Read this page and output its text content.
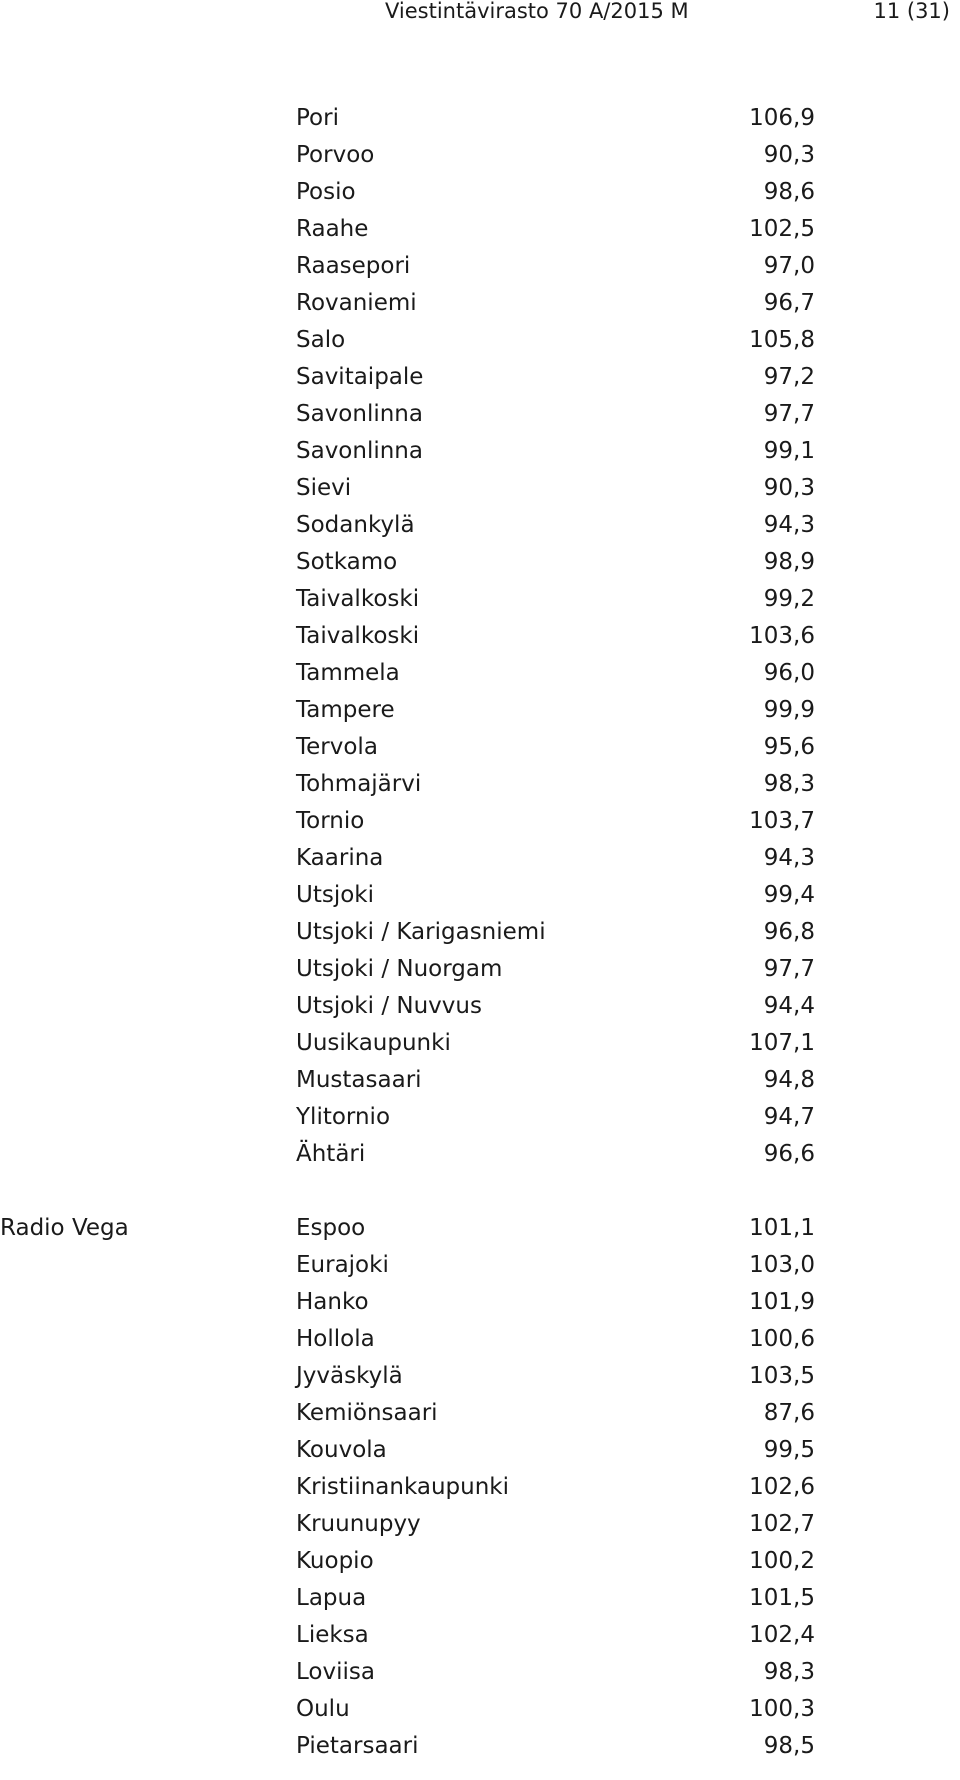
Viestintävirasto 70 A/2015 M	11 (31)
Pori	106,9
Porvoo	90,3
Posio	98,6
Raahe	102,5
Raasepori	97,0
Rovaniemi	96,7
Salo	105,8
Savitaipale	97,2
Savonlinna	97,7
Savonlinna	99,1
Sievi	90,3
Sodankylä	94,3
Sotkamo	98,9
Taivalkoski	99,2
Taivalkoski	103,6
Tammela	96,0
Tampere	99,9
Tervola	95,6
Tohmajärvi	98,3
Tornio	103,7
Kaarina	94,3
Utsjoki	99,4
Utsjoki / Karigasniemi	96,8
Utsjoki / Nuorgam	97,7
Utsjoki / Nuvvus	94,4
Uusikaupunki	107,1
Mustasaari	94,8
Ylitornio	94,7
Ähtäri	96,6
Radio Vega	Espoo	101,1
Eurajoki	103,0
Hanko	101,9
Hollola	100,6
Jyväskylä	103,5
Kemiönsaari	87,6
Kouvola	99,5
Kristiinankaupunki	102,6
Kruunupyy	102,7
Kuopio	100,2
Lapua	101,5
Lieksa	102,4
Loviisa	98,3
Oulu	100,3
Pietarsaari	98,5
